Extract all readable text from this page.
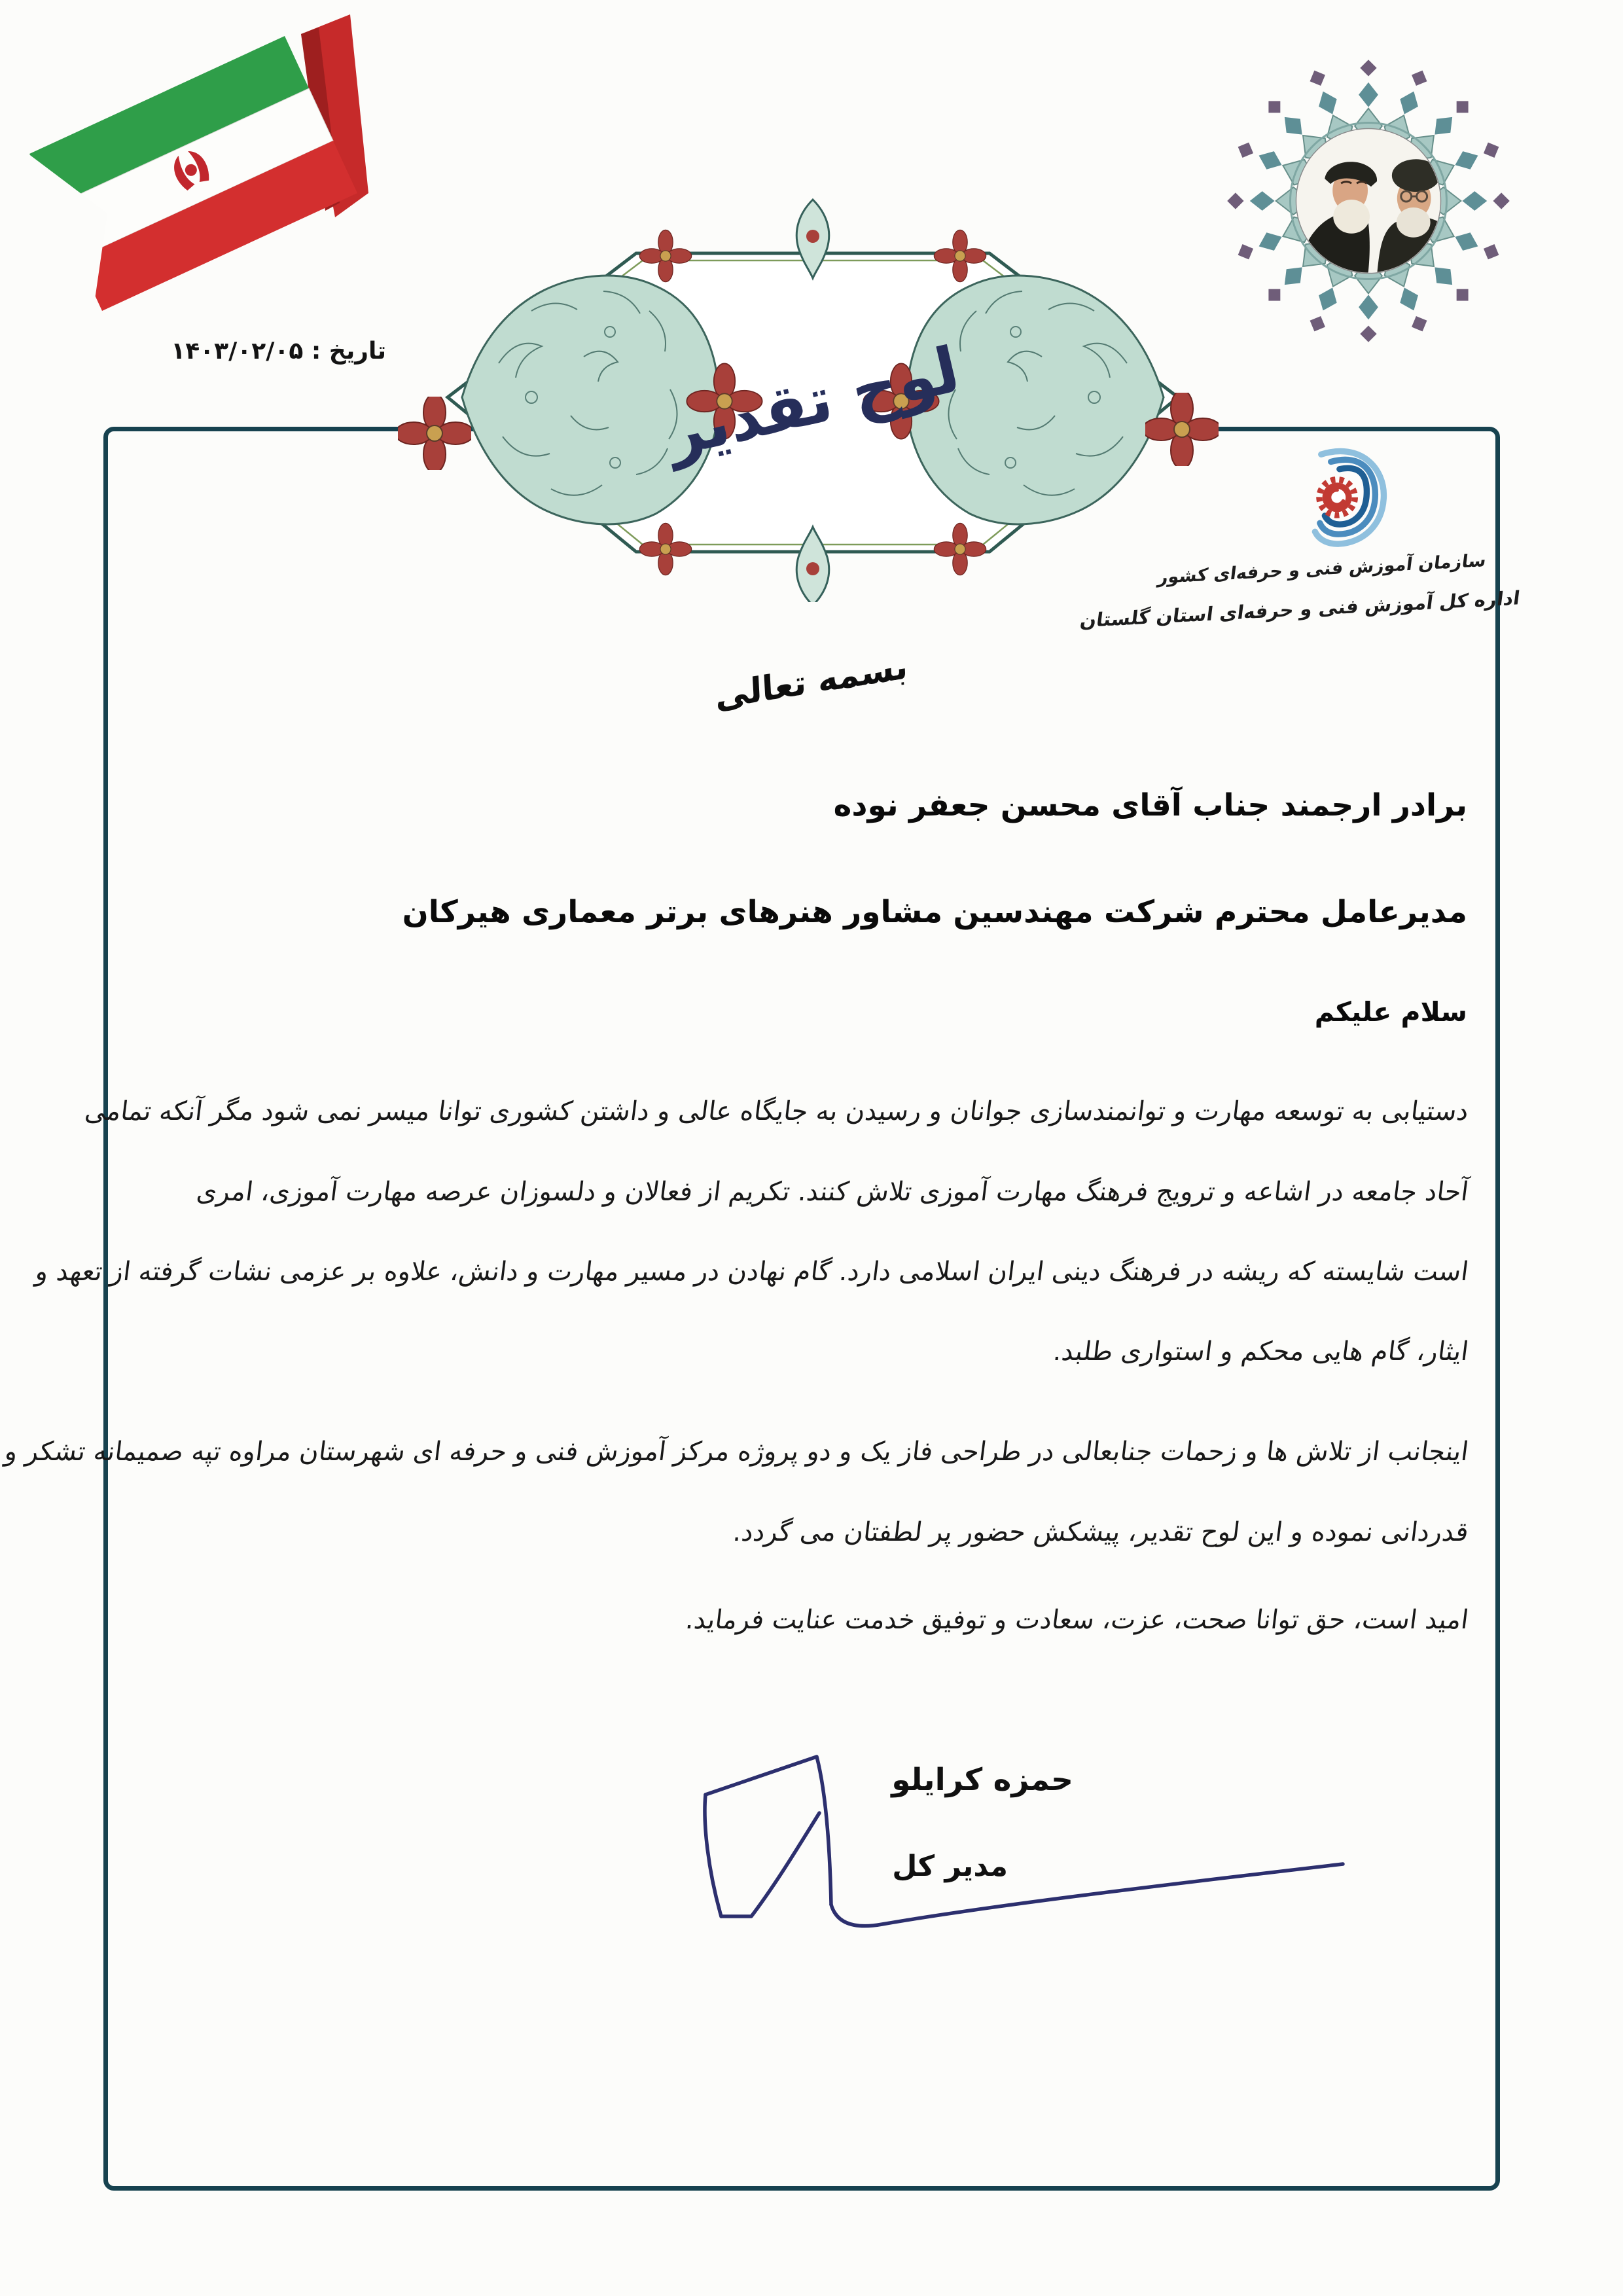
تاریخ : ۱۴۰۳/۰۲/۰۵	لوح تقدیر
سازمان آموزش فنی و حرفه‌ای کشور
اداره کل آموزش فنی و حرفه‌ای استان گلستان
بسمه تعالی
برادر ارجمند جناب آقای محسن جعفر نوده
مدیرعامل محترم شرکت مهندسین مشاور هنرهای برتر معماری هیرکان
سلام علیکم
دستیابی به توسعه مهارت و توانمندسازی جوانان و رسیدن به جایگاه عالی و داشتن کشوری توانا میسر نمی شود مگر آنکه تمامی
آحاد جامعه در اشاعه و ترویج فرهنگ مهارت آموزی تلاش کنند. تکریم از فعالان و دلسوزان عرصه مهارت آموزی، امری
است شایسته که ریشه در فرهنگ دینی ایران اسلامی دارد. گام نهادن در مسیر مهارت و دانش، علاوه بر عزمی نشات گرفته از تعهد و
ایثار، گام هایی محکم و استواری طلبد.
اینجانب از تلاش ها و زحمات جنابعالی در طراحی فاز یک و دو پروژه مرکز آموزش فنی و حرفه ای شهرستان مراوه تپه صمیمانه تشکر و
قدردانی نموده و این لوح تقدیر، پیشکش حضور پر لطفتان می گردد.
امید است، حق توانا صحت، عزت، سعادت و توفیق خدمت عنایت فرماید.
حمزه کرایلو
مدیر کل
